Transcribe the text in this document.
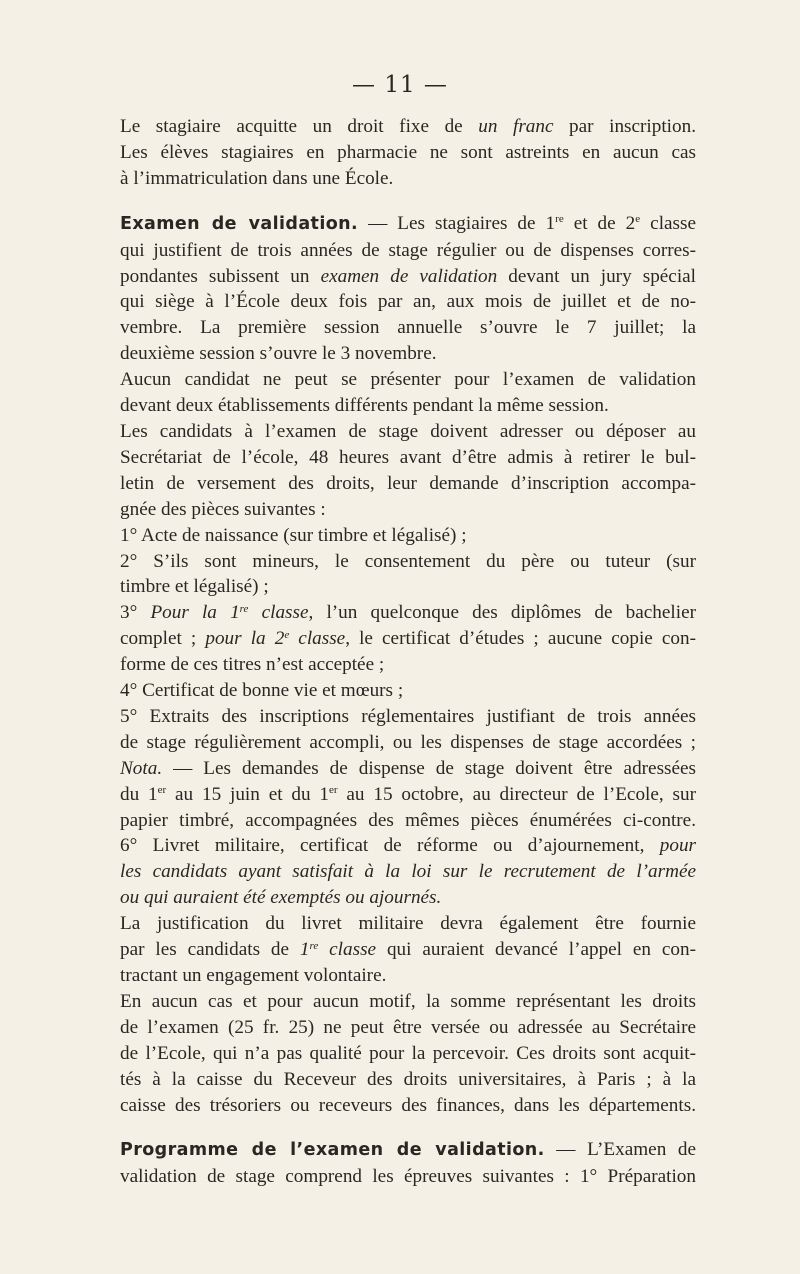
— 11 —
Le stagiaire acquitte un droit fixe de un franc par inscription.
Les élèves stagiaires en pharmacie ne sont astreints en aucun cas
à l’immatriculation dans une École.
Examen de validation. — Les stagiaires de 1re et de 2e classe
qui justifient de trois années de stage régulier ou de dispenses corres-
pondantes subissent un examen de validation devant un jury spécial
qui siège à l’École deux fois par an, aux mois de juillet et de no-
vembre. La première session annuelle s’ouvre le 7 juillet; la
deuxième session s’ouvre le 3 novembre.
Aucun candidat ne peut se présenter pour l’examen de validation
devant deux établissements différents pendant la même session.
Les candidats à l’examen de stage doivent adresser ou déposer au
Secrétariat de l’école, 48 heures avant d’être admis à retirer le bul-
letin de versement des droits, leur demande d’inscription accompa-
gnée des pièces suivantes :
1° Acte de naissance (sur timbre et légalisé) ;
2° S’ils sont mineurs, le consentement du père ou tuteur (sur
timbre et légalisé) ;
3° Pour la 1re classe, l’un quelconque des diplômes de bachelier
complet ; pour la 2e classe, le certificat d’études ; aucune copie con-
forme de ces titres n’est acceptée ;
4° Certificat de bonne vie et mœurs ;
5° Extraits des inscriptions réglementaires justifiant de trois années
de stage régulièrement accompli, ou les dispenses de stage accordées ;
Nota. — Les demandes de dispense de stage doivent être adressées
du 1er au 15 juin et du 1er au 15 octobre, au directeur de l’Ecole, sur
papier timbré, accompagnées des mêmes pièces énumérées ci-contre.
6° Livret militaire, certificat de réforme ou d’ajournement, pour
les candidats ayant satisfait à la loi sur le recrutement de l’armée
ou qui auraient été exemptés ou ajournés.
La justification du livret militaire devra également être fournie
par les candidats de 1re classe qui auraient devancé l’appel en con-
tractant un engagement volontaire.
En aucun cas et pour aucun motif, la somme représentant les droits
de l’examen (25 fr. 25) ne peut être versée ou adressée au Secrétaire
de l’Ecole, qui n’a pas qualité pour la percevoir. Ces droits sont acquit-
tés à la caisse du Receveur des droits universitaires, à Paris ; à la
caisse des trésoriers ou receveurs des finances, dans les départements.
Programme de l’examen de validation. — L’Examen de
validation de stage comprend les épreuves suivantes : 1° Préparation
